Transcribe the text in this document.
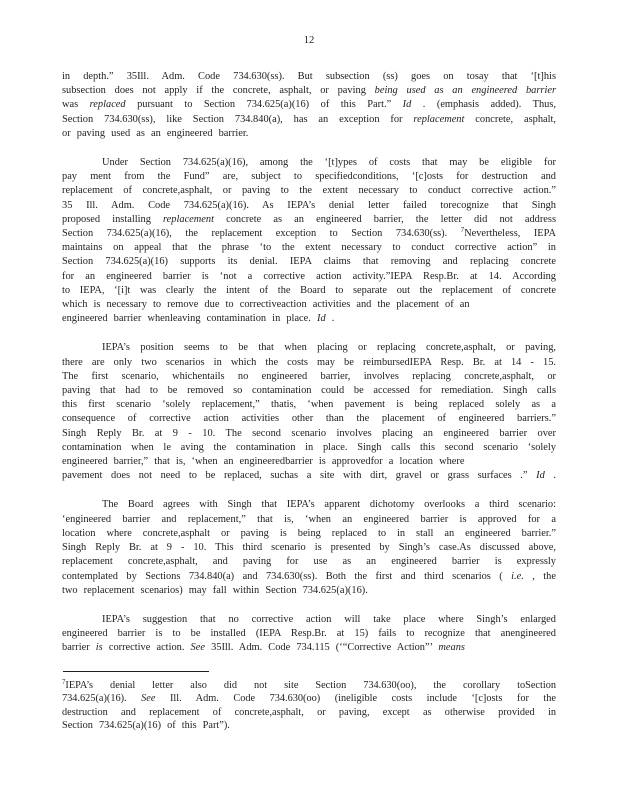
12
in depth.” 35Ill. Adm. Code 734.630(ss). But subsection (ss) goes on tosay that ‘[t]his
subsection does not apply if the concrete, asphalt, or paving being used as an engineered barrier
was replaced pursuant to Section 734.625(a)(16) of this Part.” Id . (emphasis added). Thus,
Section 734.630(ss), like Section 734.840(a), has an exception for replacement concrete, asphalt,
or paving used as an engineered barrier.
Under Section 734.625(a)(16), among the ‘[t]ypes of costs that may be eligible for
pay ment from the Fund” are, subject to specifiedconditions, ‘[c]osts for destruction and
replacement of concrete,asphalt, or paving to the extent necessary to conduct corrective action.”
35 Ill. Adm. Code 734.625(a)(16). As IEPA’s denial letter failed torecognize that Singh
proposed installing replacement concrete as an engineered barrier, the letter did not address
Section 734.625(a)(16), the replacement exception to Section 734.630(ss). $^7$Nevertheless, IEPA
maintains on appeal that the phrase ‘to the extent necessary to conduct corrective action” in
Section 734.625(a)(16) supports its denial. IEPA claims that removing and replacing concrete
for an engineered barrier is ‘not a corrective action activity.”IEPA Resp.Br. at 14. According
to IEPA, ‘[i]t was clearly the intent of the Board to separate out the replacement of concrete
which is necessary to remove due to correctiveaction activities and the placement of an
engineered barrier whenleaving contamination in place. Id .
IEPA’s position seems to be that when placing or replacing concrete,asphalt, or paving,
there are only two scenarios in which the costs may be reimbursedIEPA Resp. Br. at 14 - 15.
The first scenario, whichentails no engineered barrier, involves replacing concrete,asphalt, or
paving that had to be removed so contamination could be accessed for remediation. Singh calls
this first scenario ‘solely replacement,” thatis, ‘when pavement is being replaced solely as a
consequence of corrective action activities other than the placement of engineered barriers.”
Singh Reply Br. at 9 - 10. The second scenario involves placing an engineered barrier over
contamination when le aving the contamination in place. Singh calls this second scenario ‘solely
engineered barrier,” that is, ‘when an engineeredbarrier is approvedfor a location where
pavement does not need to be replaced, suchas a site with dirt, gravel or grass surfaces .” Id .
The Board agrees with Singh that IEPA’s apparent dichotomy overlooks a third scenario:
‘engineered barrier and replacement,” that is, ‘when an engineered barrier is approved for a
location where concrete,asphalt or paving is being replaced to in stall an engineered barrier.”
Singh Reply Br. at 9 - 10. This third scenario is presented by Singh’s case.As discussed above,
replacement concrete,asphalt, and paving for use as an engineered barrier is expressly
contemplated by Sections 734.840(a) and 734.630(ss). Both the first and third scenarios ( i.e. , the
two replacement scenarios) may fall within Section 734.625(a)(16).
IEPA’s suggestion that no corrective action will take place where Singh’s enlarged
engineered barrier is to be installed (IEPA Resp.Br. at 15) fails to recognize that anengineered
barrier is corrective action. See 35Ill. Adm. Code 734.115 (‘“Corrective Action”’ means
$^7$IEPA’s denial letter also did not site Section 734.630(oo), the corollary toSection
734.625(a)(16). See Ill. Adm. Code 734.630(oo) (ineligible costs include ‘[c]osts for the
destruction and replacement of concrete,asphalt, or paving, except as otherwise provided in
Section 734.625(a)(16) of this Part”).
